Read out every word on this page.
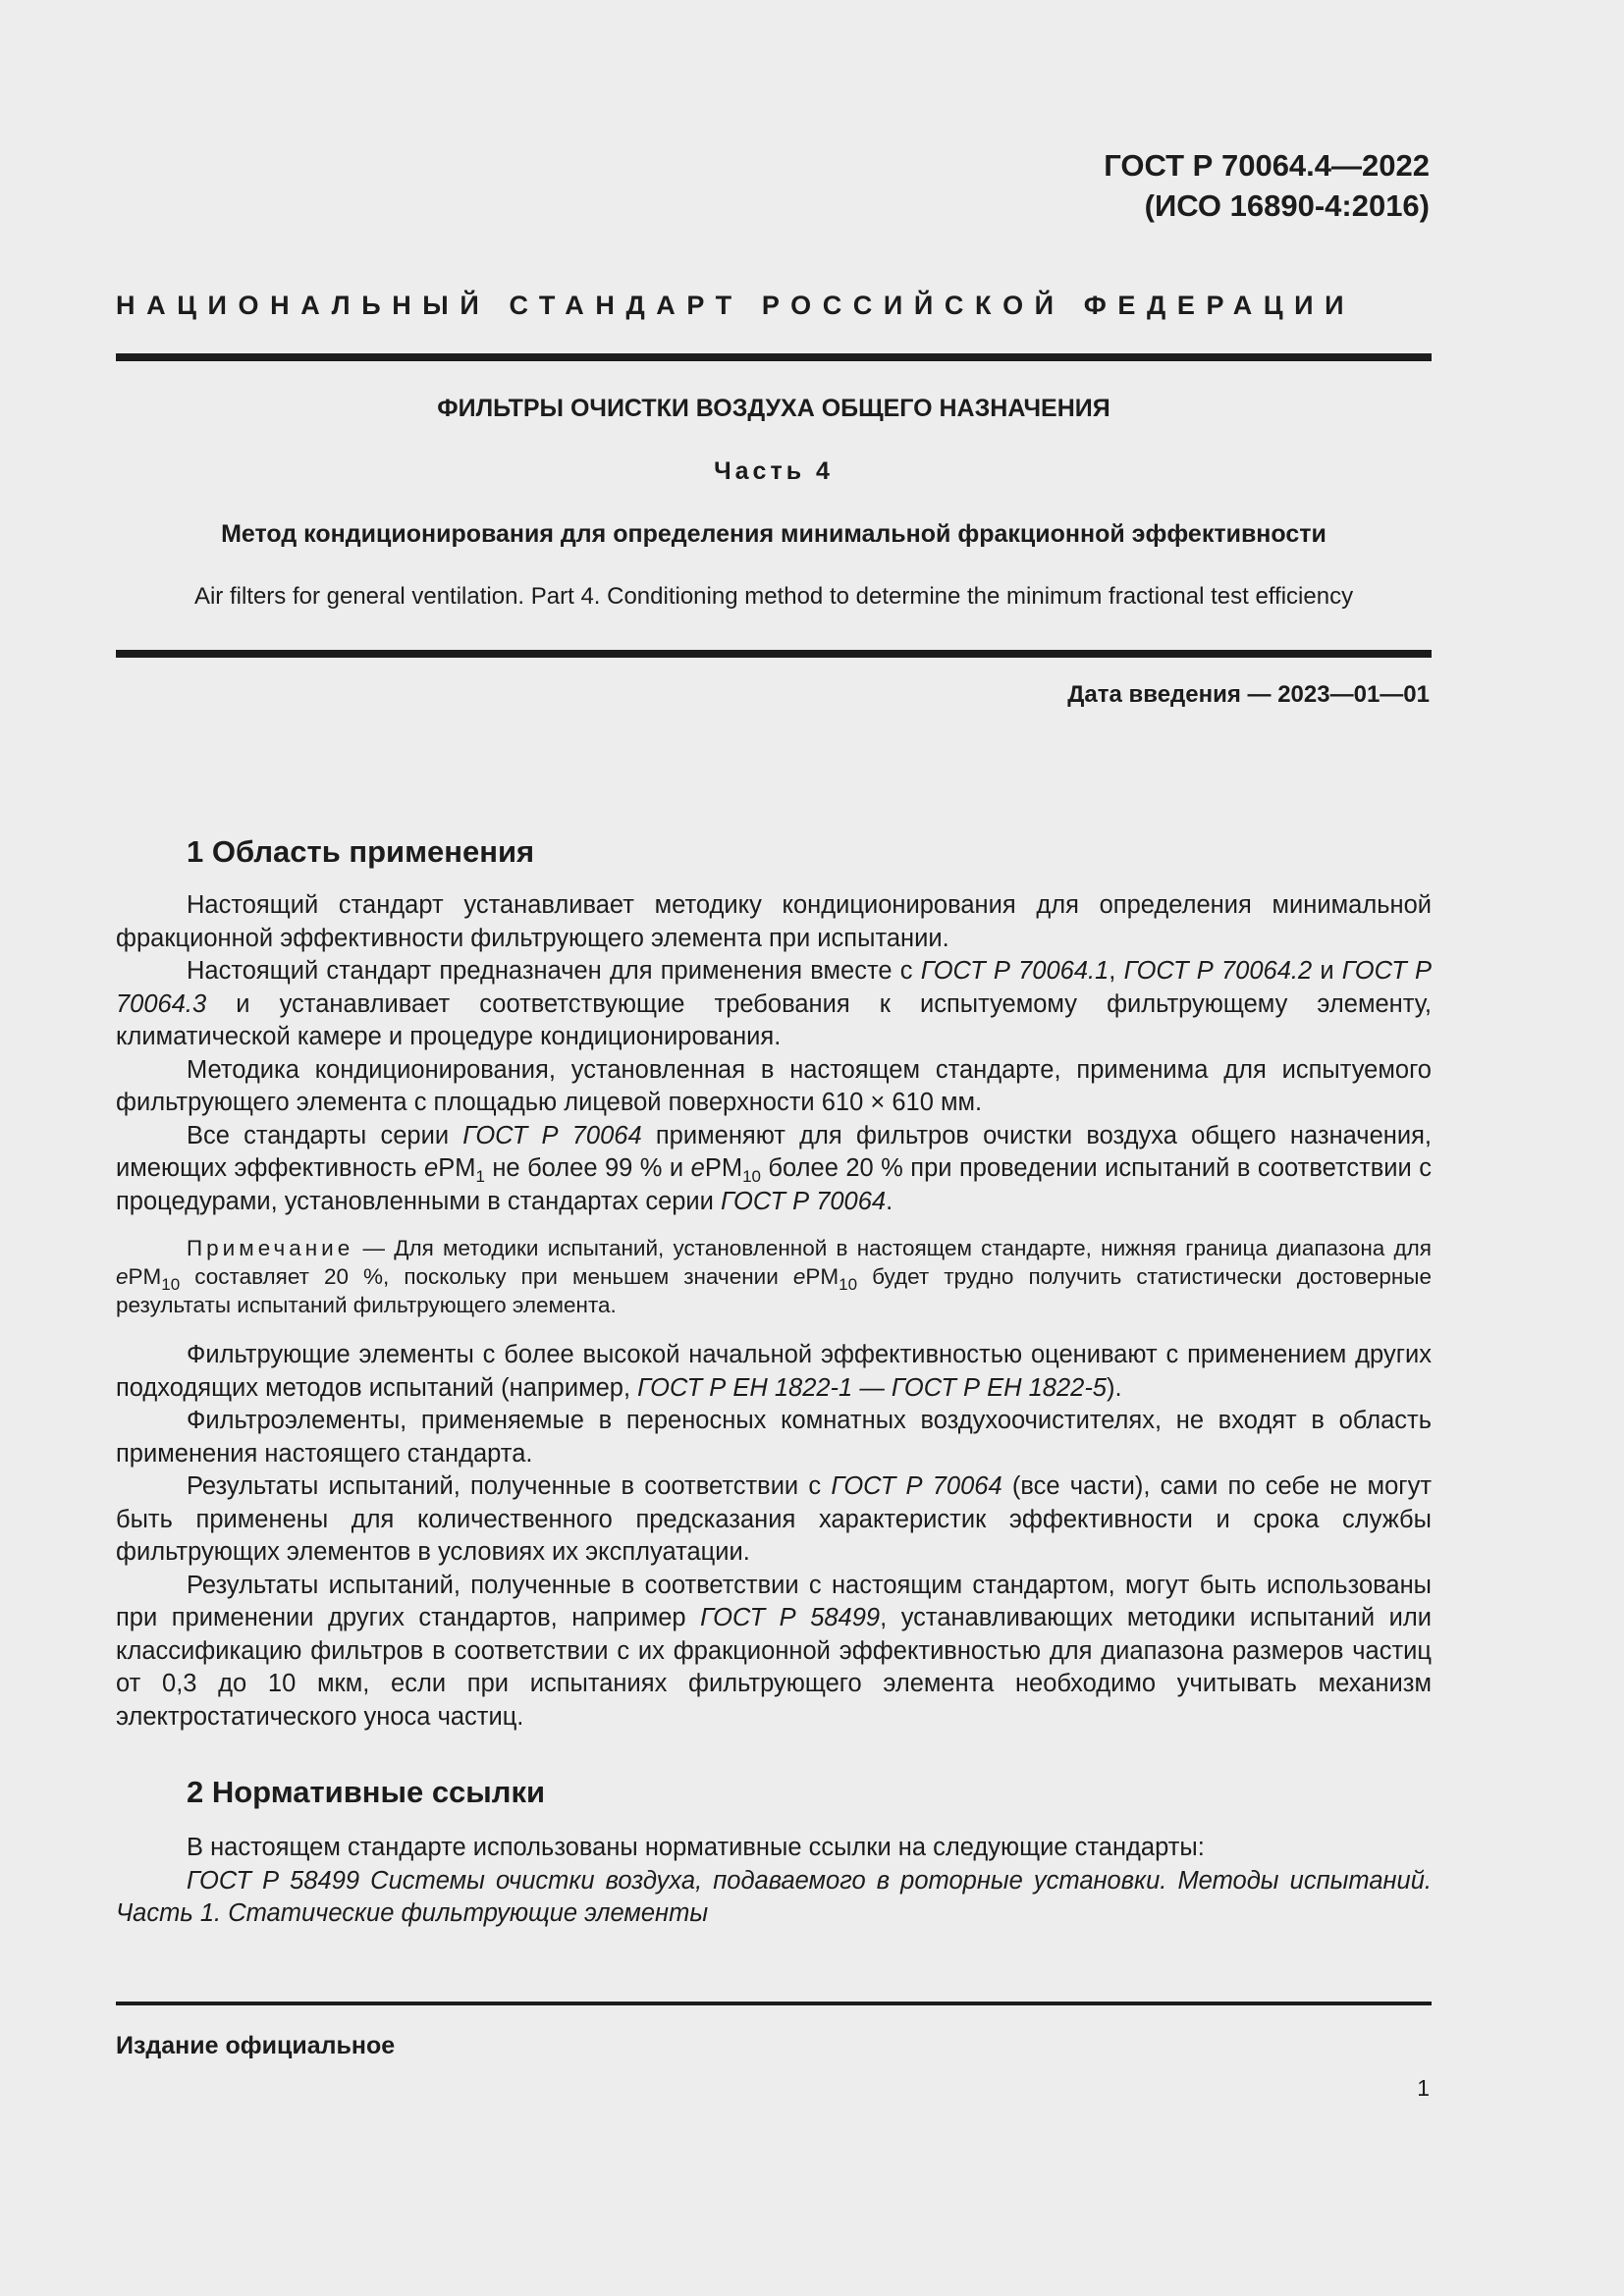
ГОСТ Р 70064.4—2022
(ИСО 16890-4:2016)
НАЦИОНАЛЬНЫЙ СТАНДАРТ РОССИЙСКОЙ ФЕДЕРАЦИИ
ФИЛЬТРЫ ОЧИСТКИ ВОЗДУХА ОБЩЕГО НАЗНАЧЕНИЯ
Часть 4
Метод кондиционирования для определения минимальной фракционной эффективности
Air filters for general ventilation. Part 4. Conditioning method to determine the minimum fractional test efficiency
Дата введения — 2023—01—01
1 Область применения

Настоящий стандарт устанавливает методику кондиционирования для определения минимальной фракционной эффективности фильтрующего элемента при испытании.

Настоящий стандарт предназначен для применения вместе с ГОСТ Р 70064.1, ГОСТ Р 70064.2 и ГОСТ Р 70064.3 и устанавливает соответствующие требования к испытуемому фильтрующему элементу, климатической камере и процедуре кондиционирования.

Методика кондиционирования, установленная в настоящем стандарте, применима для испытуемого фильтрующего элемента с площадью лицевой поверхности 610 × 610 мм.

Все стандарты серии ГОСТ Р 70064 применяют для фильтров очистки воздуха общего назначения, имеющих эффективность ePM$_1$ не более 99 % и ePM$_{10}$ более 20 % при проведении испытаний в соответствии с процедурами, установленными в стандартах серии ГОСТ Р 70064.

Примечание — Для методики испытаний, установленной в настоящем стандарте, нижняя граница диапазона для ePM$_{10}$ составляет 20 %, поскольку при меньшем значении ePM$_{10}$ будет трудно получить статистически достоверные результаты испытаний фильтрующего элемента.

Фильтрующие элементы с более высокой начальной эффективностью оценивают с применением других подходящих методов испытаний (например, ГОСТ Р ЕН 1822-1 — ГОСТ Р ЕН 1822-5).

Фильтроэлементы, применяемые в переносных комнатных воздухоочистителях, не входят в область применения настоящего стандарта.

Результаты испытаний, полученные в соответствии с ГОСТ Р 70064 (все части), сами по себе не могут быть применены для количественного предсказания характеристик эффективности и срока службы фильтрующих элементов в условиях их эксплуатации.

Результаты испытаний, полученные в соответствии с настоящим стандартом, могут быть использованы при применении других стандартов, например ГОСТ Р 58499, устанавливающих методики испытаний или классификацию фильтров в соответствии с их фракционной эффективностью для диапазона размеров частиц от 0,3 до 10 мкм, если при испытаниях фильтрующего элемента необходимо учитывать механизм электростатического уноса частиц.

2 Нормативные ссылки

В настоящем стандарте использованы нормативные ссылки на следующие стандарты:

ГОСТ Р 58499 Системы очистки воздуха, подаваемого в роторные установки. Методы испытаний. Часть 1. Статические фильтрующие элементы

Издание официальное
1
